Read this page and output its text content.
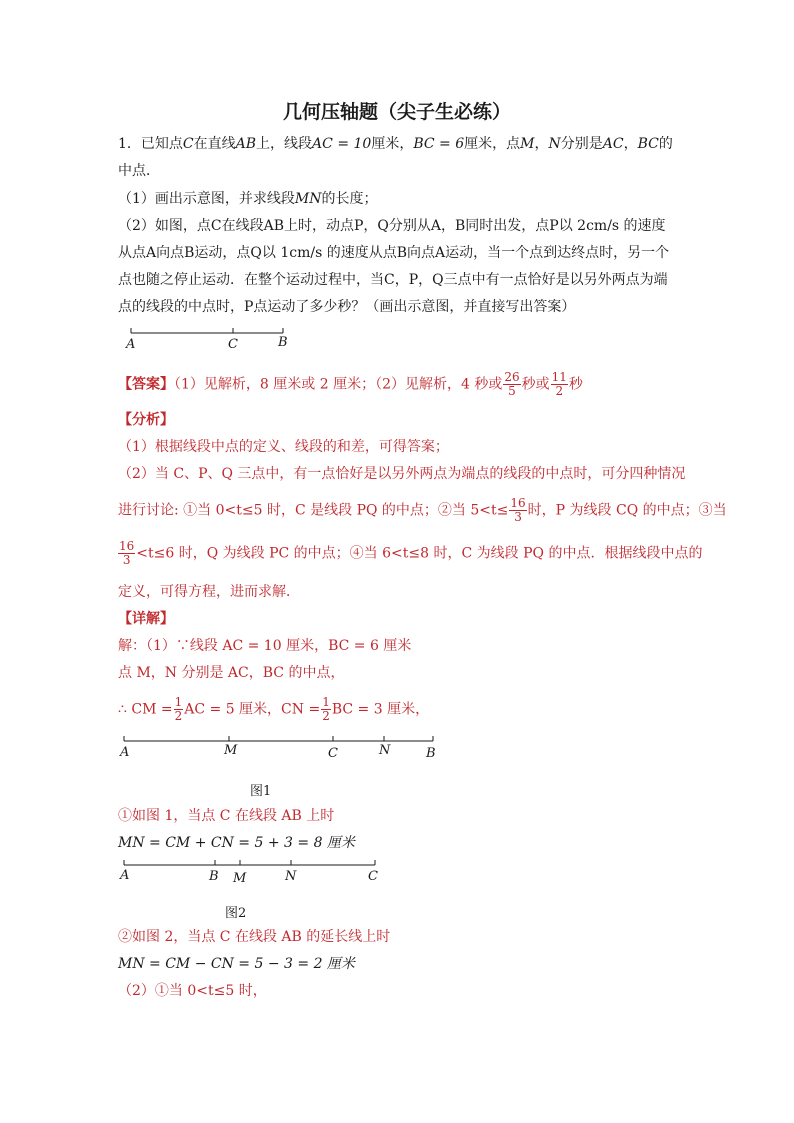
几何压轴题（尖子生必练）
1．已知点C在直线AB上，线段AC = 10厘米，BC = 6厘米，点M，N分别是AC，BC的
中点．
（1）画出示意图，并求线段MN的长度；
（2）如图，点C在线段AB上时，动点P，Q分别从A，B同时出发，点P以 2cm/s 的速度
从点A向点B运动，点Q以 1cm/s 的速度从点B向点A运动，当一个点到达终点时，另一个
点也随之停止运动．在整个运动过程中，当C，P，Q三点中有一点恰好是以另外两点为端
点的线段的中点时，P点运动了多少秒？（画出示意图，并直接写出答案）
A	C	B
【答案】（1）见解析，8 厘米或 2 厘米；（2）见解析，4 秒或 $\frac{26}{5}$ 秒或 $\frac{11}{2}$ 秒
【分析】
（1）根据线段中点的定义、线段的和差，可得答案；
（2）当 C、P、Q 三点中，有一点恰好是以另外两点为端点的线段的中点时，可分四种情况
进行讨论: ①当 0<t≤5 时，C 是线段 PQ 的中点；②当 $5<t\le \frac{16}{3}$ 时，P 为线段 CQ 的中点；③当
$\frac{16}{3} <t\le 6$ 时，Q 为线段 PC 的中点；④当 6<t≤8 时，C 为线段 PQ 的中点．根据线段中点的
定义，可得方程，进而求解．
【详解】
解：（1）∵线段 AC = 10 厘米，BC = 6 厘米
点 M，N 分别是 AC，BC 的中点，
∴ CM = $\frac{1}{2}$ AC = 5 厘米，CN = $\frac{1}{2}$ BC = 3 厘米，
A	M	C	N	B
图1
①如图 1，当点 C 在线段 AB 上时
MN = CM + CN = 5 + 3 = 8 厘米
A	B M	N	C
图2
②如图 2，当点 C 在线段 AB 的延长线上时
MN = CM − CN = 5 − 3 = 2 厘米
（2）①当 0<t≤5 时，
